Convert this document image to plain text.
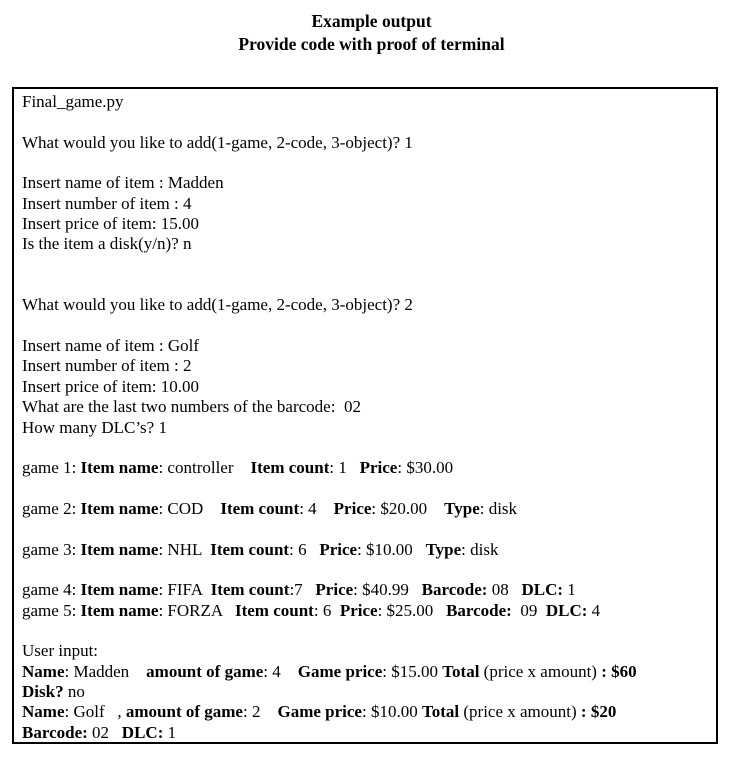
Example output
Provide code with proof of terminal
Final_game.py
What would you like to add(1-game, 2-code, 3-object)? 1
Insert name of item : Madden
Insert number of item : 4
Insert price of item: 15.00
Is the item a disk(y/n)? n
What would you like to add(1-game, 2-code, 3-object)? 2
Insert name of item : Golf
Insert number of item : 2
Insert price of item: 10.00
What are the last two numbers of the barcode:  02
How many DLC’s? 1
game 1: Item name: controller    Item count: 1   Price: $30.00
game 2: Item name: COD    Item count: 4    Price: $20.00    Type: disk
game 3: Item name: NHL  Item count: 6   Price: $10.00   Type: disk
game 4: Item name: FIFA  Item count:7   Price: $40.99   Barcode: 08   DLC: 1
game 5: Item name: FORZA   Item count: 6  Price: $25.00   Barcode:  09  DLC: 4
User input:
Name: Madden    amount of game: 4    Game price: $15.00 Total (price x amount) : $60
Disk? no
Name: Golf   , amount of game: 2    Game price: $10.00 Total (price x amount) : $20
Barcode: 02   DLC: 1
